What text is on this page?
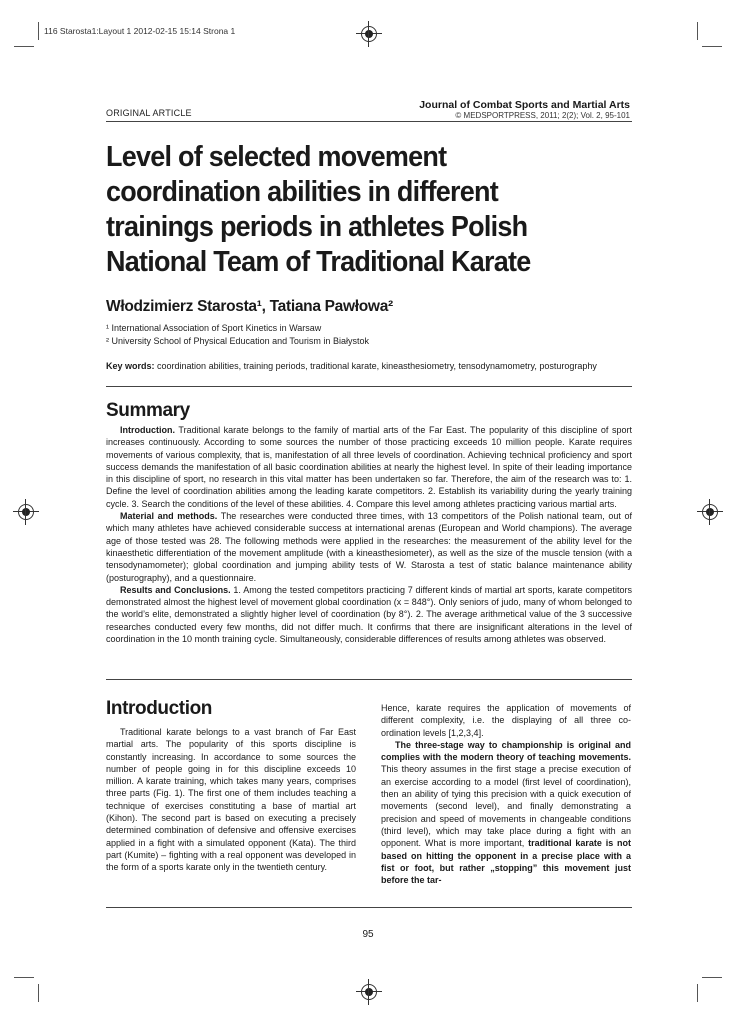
116 Starosta1:Layout 1 2012-02-15 15:14 Strona 1
ORIGINAL ARTICLE
Journal of Combat Sports and Martial Arts
© MEDSPORTPRESS, 2011; 2(2); Vol. 2, 95-101
Level of selected movement coordination abilities in different trainings periods in athletes Polish National Team of Traditional Karate
Włodzimierz Starosta¹, Tatiana Pawłowa²
¹ International Association of Sport Kinetics in Warsaw
² University School of Physical Education and Tourism in Białystok
Key words: coordination abilities, training periods, traditional karate, kineasthesiometry, tensodynamometry, posturography
Summary

Introduction. Traditional karate belongs to the family of martial arts of the Far East. The popularity of this discipline of sport increases continuously. According to some sources the number of those practicing exceeds 10 million people. Karate requires movements of various complexity, that is, manifestation of all three levels of coordination. Achieving technical proficiency and sport success demands the manifestation of all basic coordination abilities at nearly the highest level. In spite of their leading importance in this discipline of sport, no research in this vital matter has been undertaken so far. Therefore, the aim of the research was to: 1. Define the level of coordination abilities among the leading karate competitors. 2. Establish its variability during the yearly training cycle. 3. Search the conditions of the level of these abilities. 4. Compare this level among athletes practicing various martial arts.

Material and methods. The researches were conducted three times, with 13 competitors of the Polish national team, out of which many athletes have achieved considerable success at international arenas (European and World champions). The average age of those tested was 28. The following methods were applied in the researches: the measurement of the ability level for the kinaesthetic differentiation of the movement amplitude (with a kineasthesiometer), as well as the size of the muscle tension (with a tensodynamometer); global coordination and jumping ability tests of W. Starosta a test of static balance maintenance ability (posturography), and a questionnaire.

Results and Conclusions. 1. Among the tested competitors practicing 7 different kinds of martial art sports, karate competitors demonstrated almost the highest level of movement global coordination (x = 848°). Only seniors of judo, many of whom belonged to the world’s elite, demonstrated a slightly higher level of coordination (by 8°). 2. The average arithmetical value of the 3 successive researches conducted every few months, did not differ much. It confirms that there are insignificant alterations in the level of coordination in the 10 month training cycle. Simultaneously, considerable differences of results among athletes was observed.

Introduction

Traditional karate belongs to a vast branch of Far East martial arts. The popularity of this sports discipline is constantly increasing. In accordance to some sources the number of people going in for this discipline exceeds 10 million. A karate training, which takes many years, comprises three parts (Fig. 1). The first one of them includes teaching a technique of exercises constituting a base of martial art (Kihon). The second part is based on executing a precisely determined combination of defensive and offensive exercises applied in a fight with a simulated opponent (Kata). The third part (Kumite) – fighting with a real opponent was developed in the form of a sports karate only in the twentieth century.

Hence, karate requires the application of movements of different complexity, i.e. the displaying of all three co-ordination levels [1,2,3,4].

The three-stage way to championship is original and complies with the modern theory of teaching movements. This theory assumes in the first stage a precise execution of an exercise according to a model (first level of coordination), then an ability of tying this precision with a quick execution of movements (second level), and finally demonstrating a precision and speed of movements in changeable conditions (third level), which may take place during a fight with an opponent. What is more important, traditional karate is not based on hitting the opponent in a precise place with a fist or foot, but rather „stopping” this movement just before the tar-

95
